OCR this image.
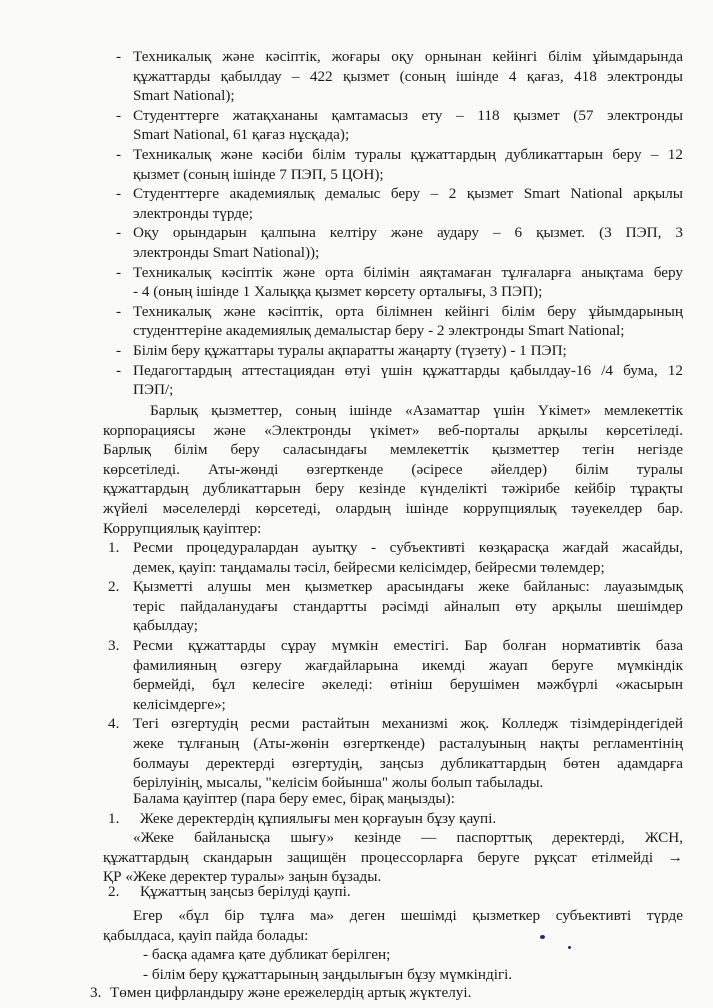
- Техникалық және кәсіптік, жоғары оқу орнынан кейінгі білім ұйымдарында
құжаттарды қабылдау – 422 қызмет (соның ішінде 4 қағаз, 418 электронды
Smart National);
- Студенттерге жатақхананы қамтамасыз ету – 118 қызмет (57 электронды
Smart National, 61 қағаз нұсқада);
- Техникалық және кәсіби білім туралы құжаттардың дубликаттарын беру – 12
қызмет (соның ішінде 7 ПЭП, 5 ЦОН);
- Студенттерге академиялық демалыс беру – 2 қызмет Smart National арқылы
электронды түрде;
- Оқу орындарын қалпына келтіру және аудару – 6 қызмет. (3 ПЭП, 3
электронды Smart National));
- Техникалық кәсіптік және орта білімін аяқтамаған тұлғаларға анықтама беру
- 4 (оның ішінде 1 Халыққа қызмет көрсету орталығы, 3 ПЭП);
- Техникалық және кәсіптік, орта білімнен кейінгі білім беру ұйымдарының
студенттеріне академиялық демалыстар беру - 2 электронды Smart National;
- Білім беру құжаттары туралы ақпаратты жаңарту (түзету) - 1 ПЭП;
- Педагогтардың аттестациядан өтуі үшін құжаттарды қабылдау-16 /4 бума, 12
ПЭП/;
Барлық қызметтер, соның ішінде «Азаматтар үшін Үкімет» мемлекеттік
корпорациясы және «Электронды үкімет» веб-порталы арқылы көрсетіледі.
Барлық білім беру саласындағы мемлекеттік қызметтер тегін негізде
көрсетіледі. Аты-жөнді өзгерткенде (әсіресе әйелдер) білім туралы
құжаттардың дубликаттарын беру кезінде күнделікті тәжірибе кейбір тұрақты
жүйелі мәселелерді көрсетеді, олардың ішінде коррупциялық тәуекелдер бар.
Коррупциялық қауіптер:
1. Ресми процедуралардан ауытқу - субъективті көзқарасқа жағдай жасайды,
демек, қауіп: таңдамалы тәсіл, бейресми келісімдер, бейресми төлемдер;
2. Қызметті алушы мен қызметкер арасындағы жеке байланыс: лауазымдық
теріс пайдаланудағы стандартты рәсімді айналып өту арқылы шешімдер
қабылдау;
3. Ресми құжаттарды сұрау мүмкін еместігі. Бар болған нормативтік база
фамилияның өзгеру жағдайларына икемді жауап беруге мүмкіндік
бермейді, бұл келесіге әкеледі: өтініш берушімен мәжбүрлі «жасырын
келісімдерге»;
4. Тегі өзгертудің ресми растайтын механизмі жоқ. Колледж тізімдеріндегідей
жеке тұлғаның (Аты-жөнін өзгерткенде) расталуының нақты регламентінің
болмауы деректерді өзгертудің, заңсыз дубликаттардың бөтен адамдарға
берілуінің, мысалы, "келісім бойынша" жолы болып табылады.
Балама қауіптер (пара беру емес, бірақ маңызды):
1. Жеке деректердің құпиялығы мен қорғауын бұзу қаупі.
«Жеке байланысқа шығу» кезінде — паспорттық деректерді, ЖСН,
құжаттардың скандарын защищён процессорларға беруге рұқсат етілмейді →
ҚР «Жеке деректер туралы» заңын бұзады.
2. Құжаттың заңсыз берілуді қаупі.
Егер «бұл бір тұлға ма» деген шешімді қызметкер субъективті түрде
қабылдаса, қауіп пайда болады:
- басқа адамға қате дубликат берілген;
- білім беру құжаттарының заңдылығын бұзу мүмкіндігі.
3. Төмен цифрландыру және ережелердің артық жүктелуі.
